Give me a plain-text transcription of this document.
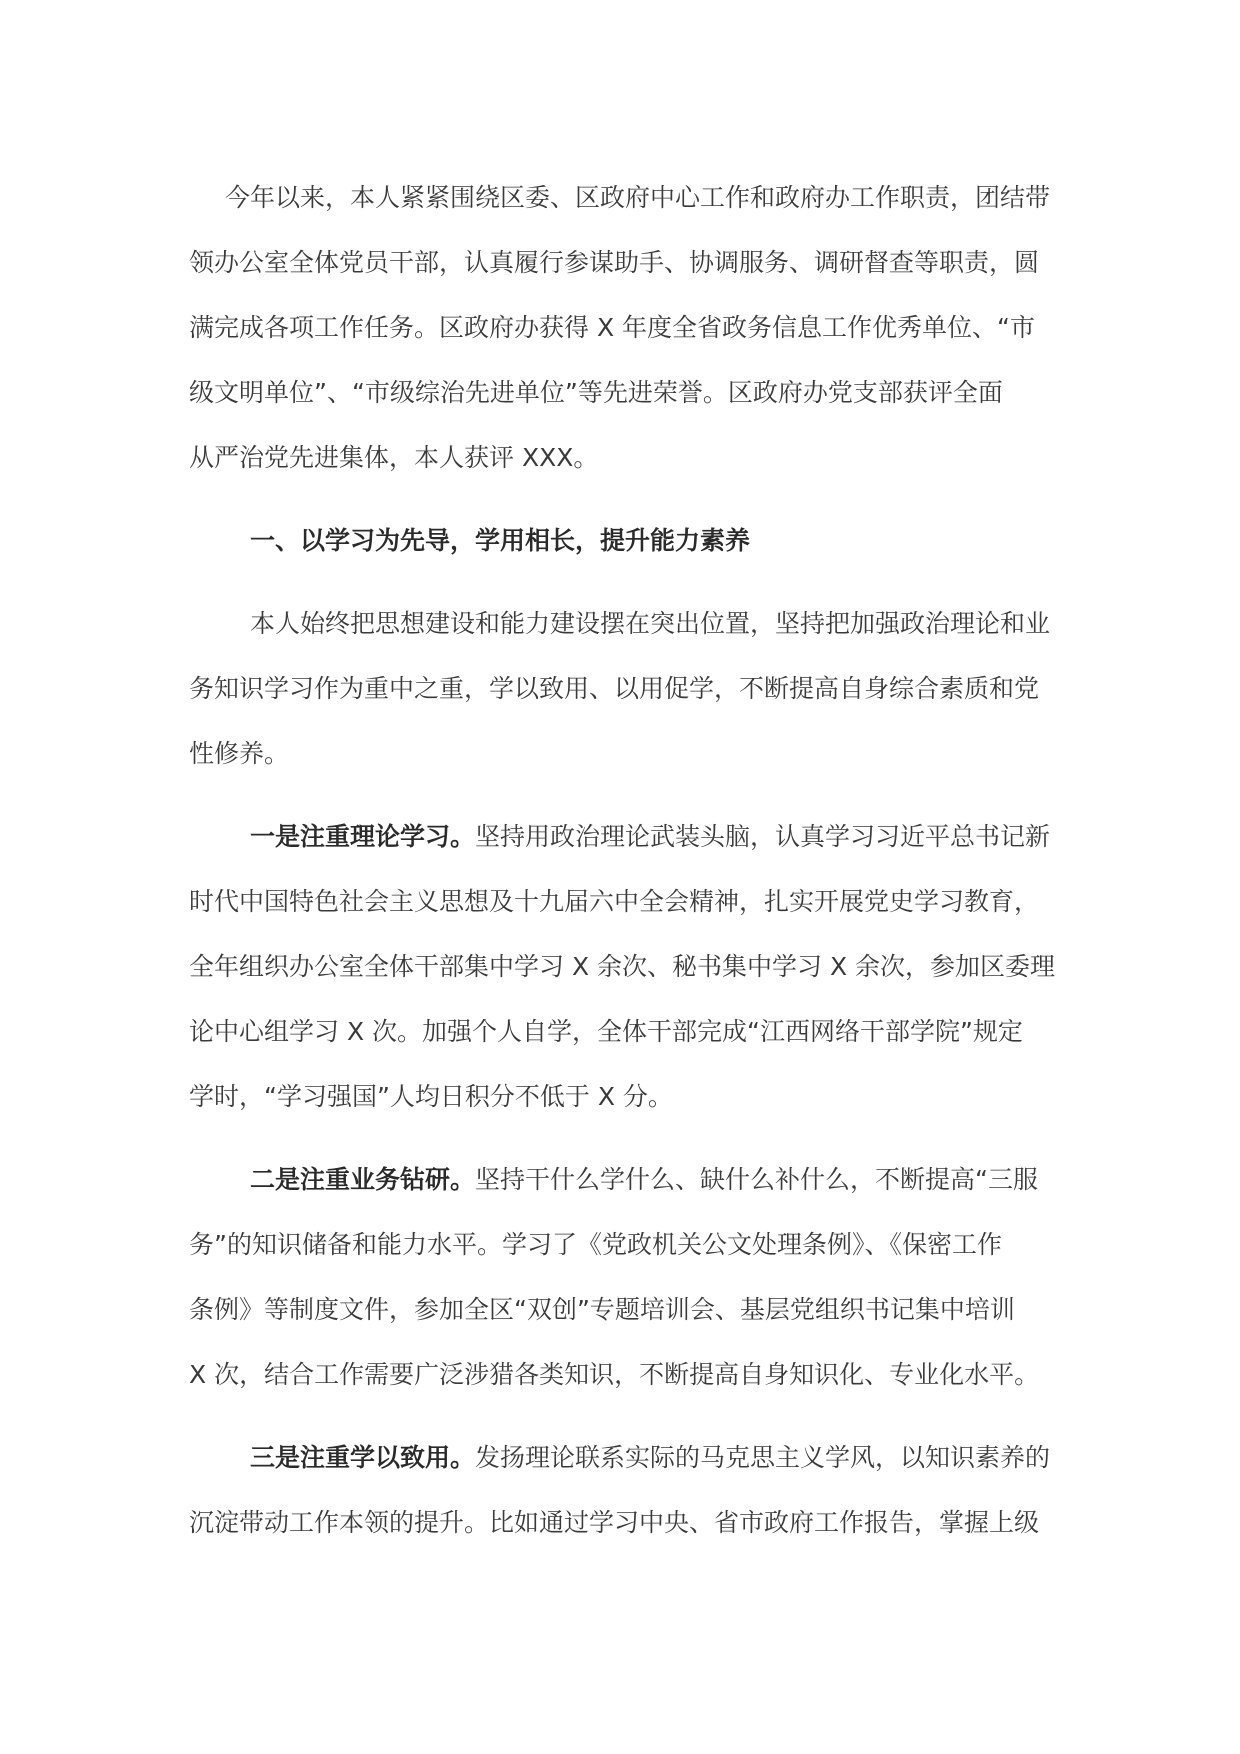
今年以来，本人紧紧围绕区委、区政府中心工作和政府办工作职责，团结带
领办公室全体党员干部，认真履行参谋助手、协调服务、调研督查等职责，圆
满完成各项工作任务。区政府办获得 X 年度全省政务信息工作优秀单位、“市
级文明单位”、“市级综治先进单位”等先进荣誉。区政府办党支部获评全面
从严治党先进集体，本人获评 XXX。
一、以学习为先导，学用相长，提升能力素养
本人始终把思想建设和能力建设摆在突出位置，坚持把加强政治理论和业
务知识学习作为重中之重，学以致用、以用促学，不断提高自身综合素质和党
性修养。
一是注重理论学习。坚持用政治理论武装头脑，认真学习习近平总书记新
时代中国特色社会主义思想及十九届六中全会精神，扎实开展党史学习教育，
全年组织办公室全体干部集中学习 X 余次、秘书集中学习 X 余次，参加区委理
论中心组学习 X 次。加强个人自学，全体干部完成“江西网络干部学院”规定
学时，“学习强国”人均日积分不低于 X 分。
二是注重业务钻研。坚持干什么学什么、缺什么补什么，不断提高“三服
务”的知识储备和能力水平。学习了《党政机关公文处理条例》、《保密工作
条例》等制度文件，参加全区“双创”专题培训会、基层党组织书记集中培训
X 次，结合工作需要广泛涉猎各类知识，不断提高自身知识化、专业化水平。
三是注重学以致用。发扬理论联系实际的马克思主义学风，以知识素养的
沉淀带动工作本领的提升。比如通过学习中央、省市政府工作报告，掌握上级
